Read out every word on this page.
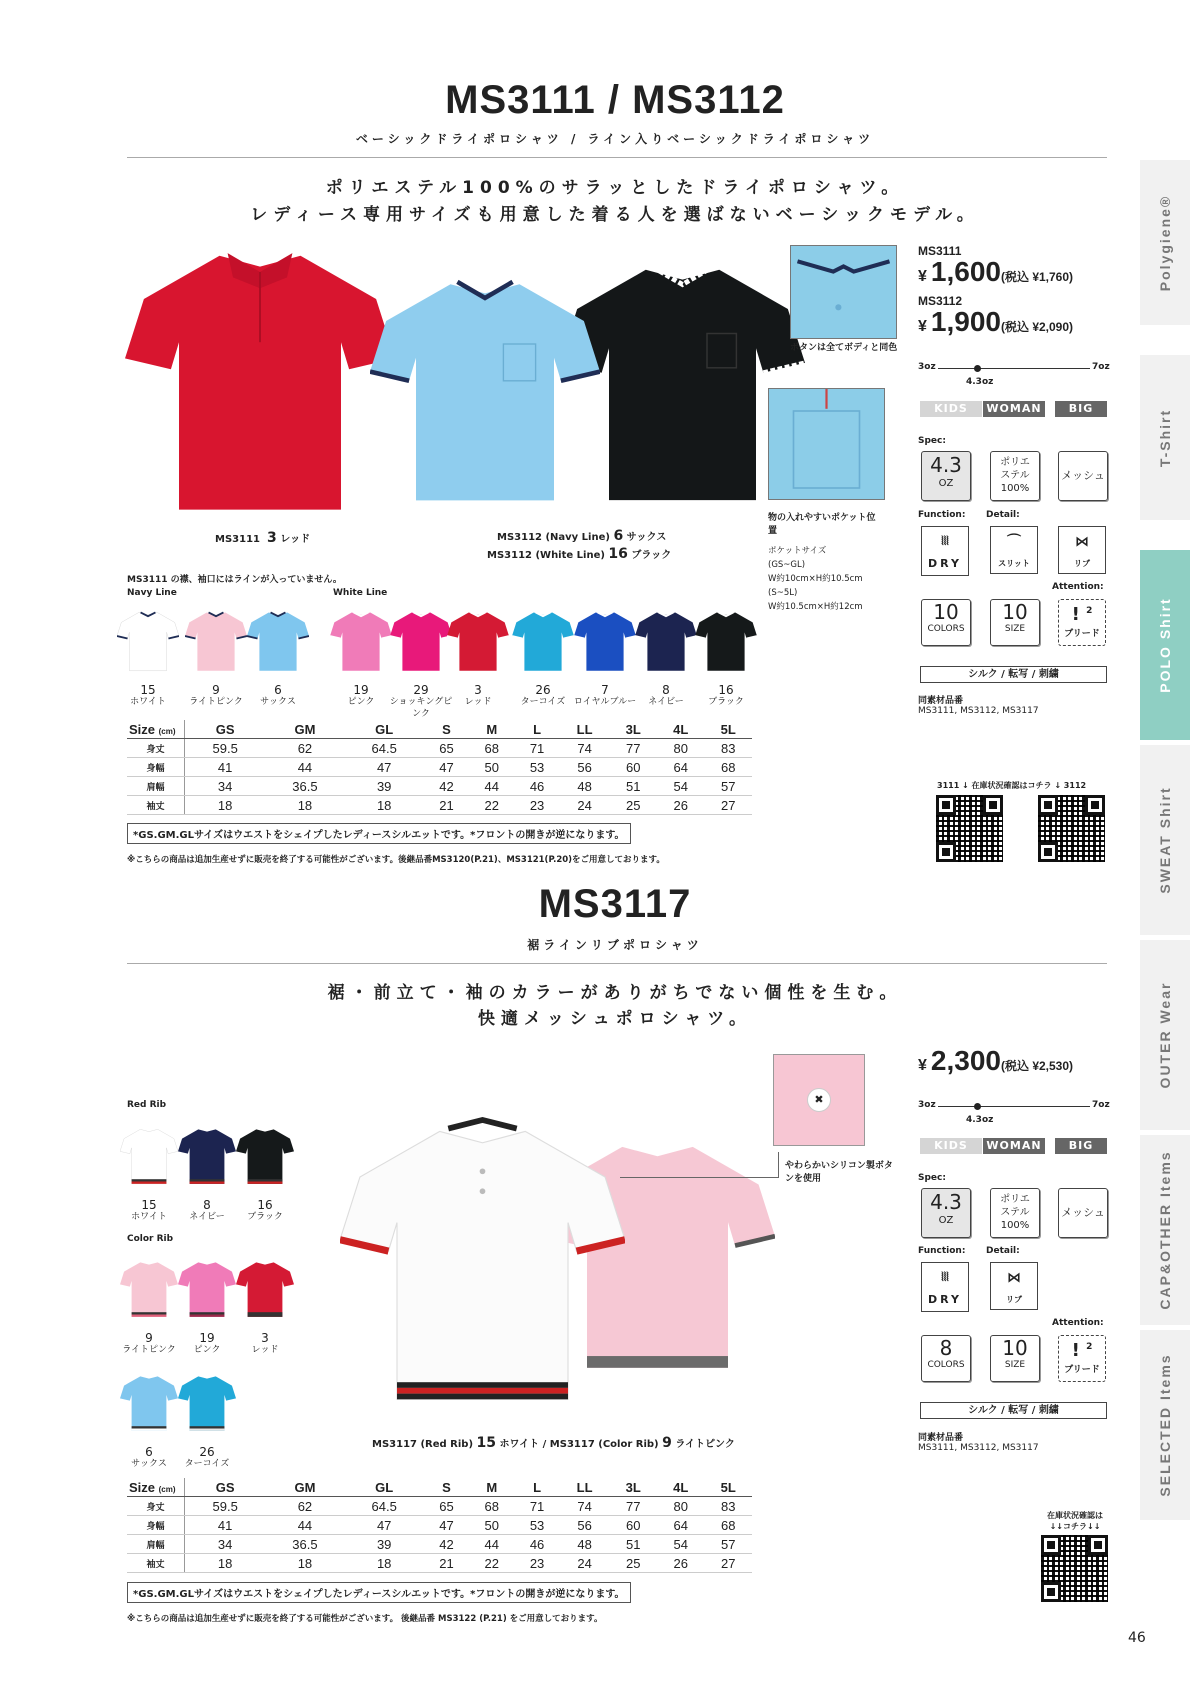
Polygiene®
T-Shirt
POLO Shirt
SWEAT Shirt
OUTER Wear
CAP&OTHER Items
SELECTED Items
MS3111 / MS3112
ベーシックドライポロシャツ / ライン入りベーシックドライポロシャツ
ポリエステル100%のサラッとしたドライポロシャツ。
レディース専用サイズも用意した着る人を選ばないベーシックモデル。
MS3111 3 レッド	MS3112 (Navy Line) 6 サックス
MS3112 (White Line) 16 ブラック
ボタンは全てボディと同色
物の入れやすいポケット位置
ポケットサイズ
(GS~GL)
W約10cm×H約10.5cm
(S~5L)
W約10.5cm×H約12cm
MS3111 の襟、袖口にはラインが入っていません。
Navy Line	White Line
15
ホワイト
9
ライトピンク
6
サックス
19
ピンク
29
ショッキングピンク
3
レッド
26
ターコイズ
7
ロイヤルブルー
8
ネイビー
16
ブラック
Size (cm)	GS	GM	GL	S	M	L	LL	3L	4L	5L
身丈	59.5	62	64.5	65	68	71	74	77	80	83
身幅	41	44	47	47	50	53	56	60	64	68
肩幅	34	36.5	39	42	44	46	48	51	54	57
袖丈	18	18	18	21	22	23	24	25	26	27
*GS.GM.GLサイズはウエストをシェイプしたレディースシルエットです。*フロントの開きが逆になります。
※こちらの商品は追加生産せずに販売を終了する可能性がございます。後継品番MS3120(P.21)、MS3121(P.20)をご用意しております。
MS3111
¥ 1,600(税込 ¥1,760)
MS3112
¥ 1,900(税込 ¥2,090)
3oz	7oz
4.3oz
KIDS	WOMAN	BIG
Spec:
4.3
OZ
ポリエ
ステル
100%
メッシュ
Function: Detail:
⦚⦚⦚
DRY
⌒
スリット
⋈
リブ
Attention:
10
COLORS
10
SIZE
! $^2$
ブリード
シルク / 転写 / 刺繍
同素材品番
MS3111, MS3112, MS3117
3111 ↓ 在庫状況確認はコチラ ↓ 3112
MS3117
裾ラインリブポロシャツ
裾・前立て・袖のカラーがありがちでない個性を生む。
快適メッシュポロシャツ。
Red Rib
Color Rib
15
ホワイト
8
ネイビー
16
ブラック
9
ライトピンク
19
ピンク
3
レッド
6
サックス
26
ターコイズ
MS3117 (Red Rib) 15 ホワイト / MS3117 (Color Rib) 9 ライトピンク
✖
やわらかいシリコン製ボタンを使用
Size (cm)	GS	GM	GL	S	M	L	LL	3L	4L	5L
身丈	59.5	62	64.5	65	68	71	74	77	80	83
身幅	41	44	47	47	50	53	56	60	64	68
肩幅	34	36.5	39	42	44	46	48	51	54	57
袖丈	18	18	18	21	22	23	24	25	26	27
*GS.GM.GLサイズはウエストをシェイプしたレディースシルエットです。*フロントの開きが逆になります。
※こちらの商品は追加生産せずに販売を終了する可能性がございます。 後継品番 MS3122 (P.21) をご用意しております。
¥ 2,300(税込 ¥2,530)
3oz	7oz
4.3oz
KIDS	WOMAN	BIG
Spec:
4.3
OZ
ポリエ
ステル
100%
メッシュ
Function: Detail:
⦚⦚⦚
DRY
⋈
リブ
Attention:
8
COLORS
10
SIZE
! $^2$
ブリード
シルク / 転写 / 刺繍
同素材品番
MS3111, MS3112, MS3117
在庫状況確認は
↓↓コチラ↓↓
46
